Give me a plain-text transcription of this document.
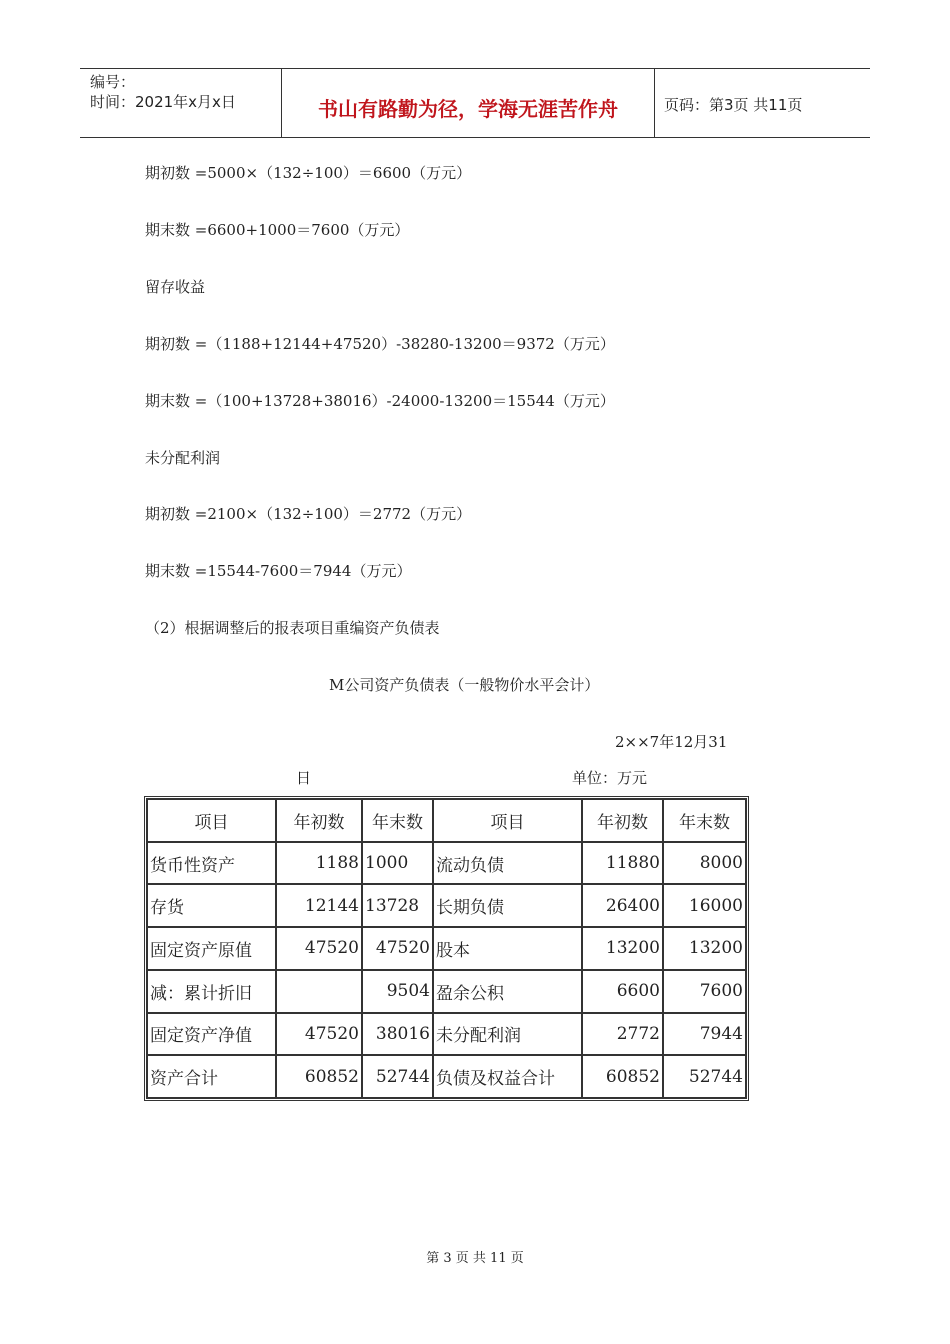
编号：
时间：2021年x月x日	书山有路勤为径，学海无涯苦作舟	页码：第3页 共11页
期初数 =5000×（132÷100）＝6600（万元）
期末数 =6600+1000＝7600（万元）
留存收益
期初数 =（1188+12144+47520）-38280-13200＝9372（万元）
期末数 =（100+13728+38016）-24000-13200＝15544（万元）
未分配利润
期初数 =2100×（132÷100）＝2772（万元）
期末数 =15544-7600＝7944（万元）
（2）根据调整后的报表项目重编资产负债表
M公司资产负债表（一般物价水平会计）
2××7年12月31
日	单位：万元
项目	年初数	年末数	项目	年初数	年末数
货币性资产	1188	1000	流动负债	11880	8000
存货	12144	13728	长期负债	26400	16000
固定资产原值	47520	47520	股本	13200	13200
减：累计折旧		9504	盈余公积	6600	7600
固定资产净值	47520	38016	未分配利润	2772	7944
资产合计	60852	52744	负债及权益合计	60852	52744
第 3 页 共 11 页
